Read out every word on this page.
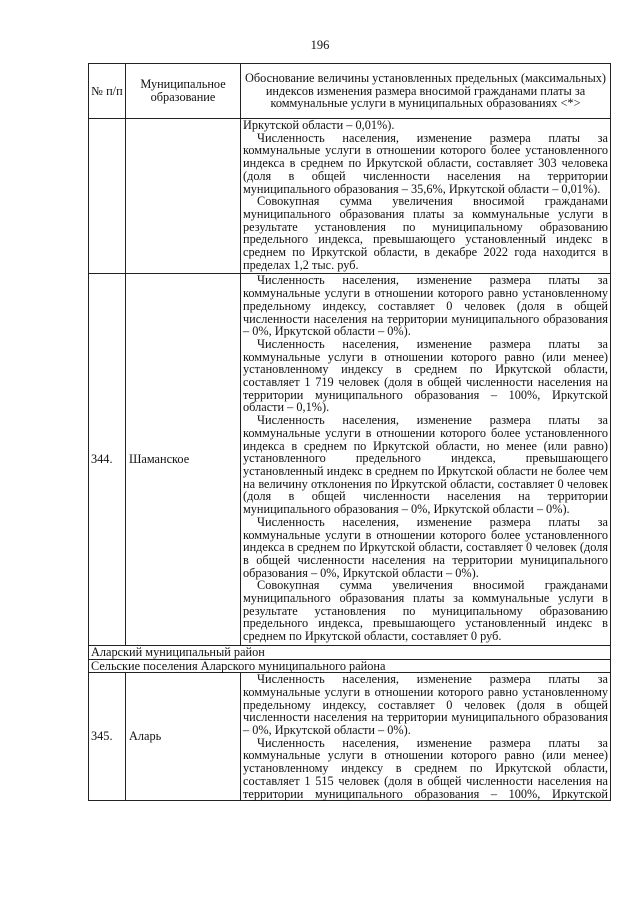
196
№ п/п	Муниципальное образование	Обоснование величины установленных предельных (максимальных) индексов изменения размера вносимой гражданами платы за коммунальные услуги в муниципальных образованиях <*>

		Иркутской области – 0,01%).

Численность населения, изменение размера платы за коммунальные услуги в отношении которого более установленного индекса в среднем по Иркутской области, составляет 303 человека (доля в общей численности населения на территории муниципального образования – 35,6%, Иркутской области – 0,01%).

Совокупная сумма увеличения вносимой гражданами муниципального образования платы за коммунальные услуги в результате установления по муниципальному образованию предельного индекса, превышающего установленный индекс в среднем по Иркутской области, в декабре 2022 года находится в пределах 1,2 тыс. руб.

344.	Шаманское	Численность населения, изменение размера платы за коммунальные услуги в отношении которого равно установленному предельному индексу, составляет 0 человек (доля в общей численности населения на территории муниципального образования – 0%, Иркутской области – 0%).

Численность населения, изменение размера платы за коммунальные услуги в отношении которого равно (или менее) установленному индексу в среднем по Иркутской области, составляет 1 719 человек (доля в общей численности населения на территории муниципального образования – 100%, Иркутской области – 0,1%).

Численность населения, изменение размера платы за коммунальные услуги в отношении которого более установленного индекса в среднем по Иркутской области, но менее (или равно) установленного предельного индекса, превышающего установленный индекс в среднем по Иркутской области не более чем на величину отклонения по Иркутской области, составляет 0 человек (доля в общей численности населения на территории муниципального образования – 0%, Иркутской области – 0%).

Численность населения, изменение размера платы за коммунальные услуги в отношении которого более установленного индекса в среднем по Иркутской области, составляет 0 человек (доля в общей численности населения на территории муниципального образования – 0%, Иркутской области – 0%).

Совокупная сумма увеличения вносимой гражданами муниципального образования платы за коммунальные услуги в результате установления по муниципальному образованию предельного индекса, превышающего установленный индекс в среднем по Иркутской области, составляет 0 руб.

Аларский муниципальный район		
Сельские поселения Аларского муниципального района		
345.	Аларь	Численность населения, изменение размера платы за коммунальные услуги в отношении которого равно установленному предельному индексу, составляет 0 человек (доля в общей численности населения на территории муниципального образования – 0%, Иркутской области – 0%).

Численность населения, изменение размера платы за коммунальные услуги в отношении которого равно (или менее) установленному индексу в среднем по Иркутской области, составляет 1 515 человек (доля в общей численности населения на территории муниципального образования – 100%, Иркутской
